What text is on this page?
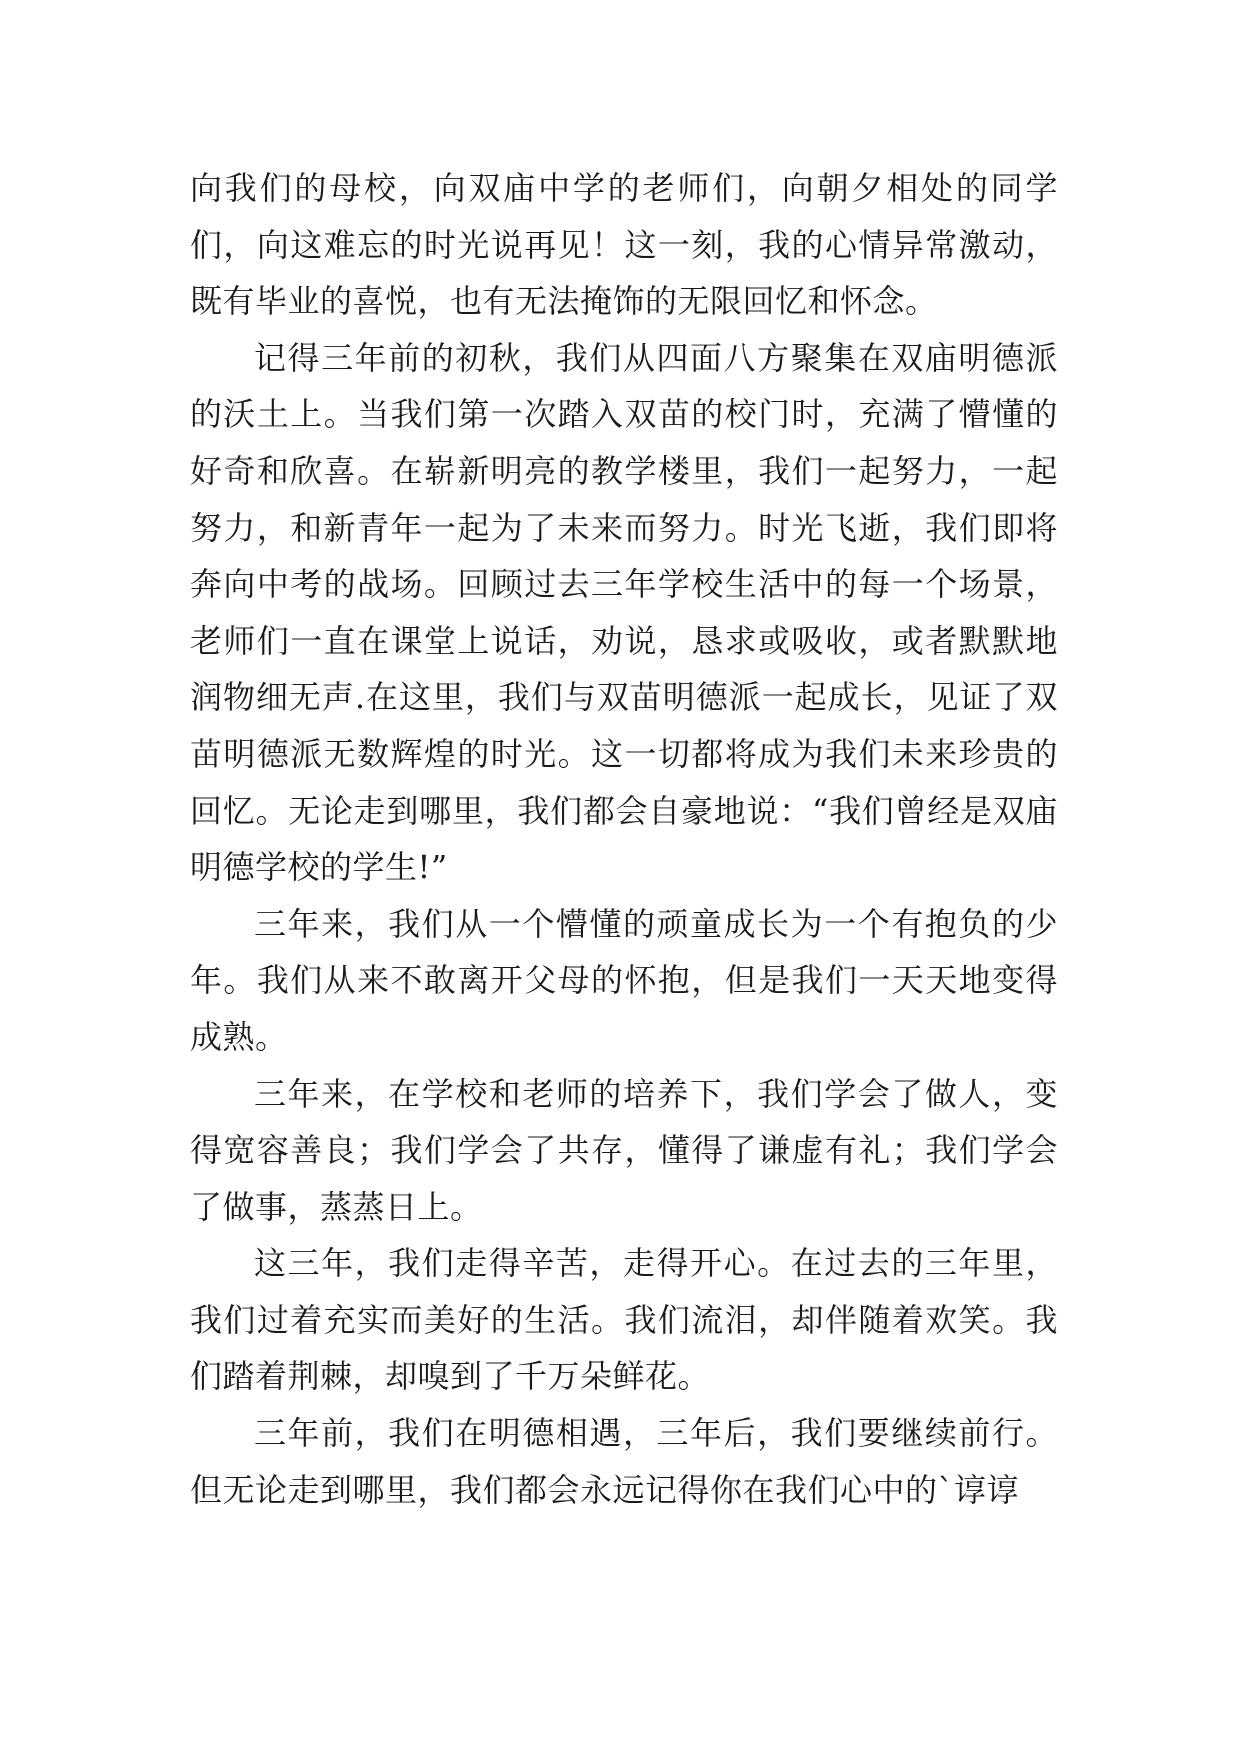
向我们的母校，向双庙中学的老师们，向朝夕相处的同学们，向这难忘的时光说再见！这一刻，我的心情异常激动，既有毕业的喜悦，也有无法掩饰的无限回忆和怀念。

记得三年前的初秋，我们从四面八方聚集在双庙明德派的沃土上。当我们第一次踏入双苗的校门时，充满了懵懂的好奇和欣喜。在崭新明亮的教学楼里，我们一起努力，一起努力，和新青年一起为了未来而努力。时光飞逝，我们即将奔向中考的战场。回顾过去三年学校生活中的每一个场景，老师们一直在课堂上说话，劝说，恳求或吸收，或者默默地润物细无声.在这里，我们与双苗明德派一起成长，见证了双苗明德派无数辉煌的时光。这一切都将成为我们未来珍贵的回忆。无论走到哪里，我们都会自豪地说：“我们曾经是双庙明德学校的学生!”

三年来，我们从一个懵懂的顽童成长为一个有抱负的少年。我们从来不敢离开父母的怀抱，但是我们一天天地变得成熟。

三年来，在学校和老师的培养下，我们学会了做人，变得宽容善良；我们学会了共存，懂得了谦虚有礼；我们学会了做事，蒸蒸日上。

这三年，我们走得辛苦，走得开心。在过去的三年里，我们过着充实而美好的生活。我们流泪，却伴随着欢笑。我们踏着荆棘，却嗅到了千万朵鲜花。

三年前，我们在明德相遇，三年后，我们要继续前行。但无论走到哪里，我们都会永远记得你在我们心中的`谆谆
